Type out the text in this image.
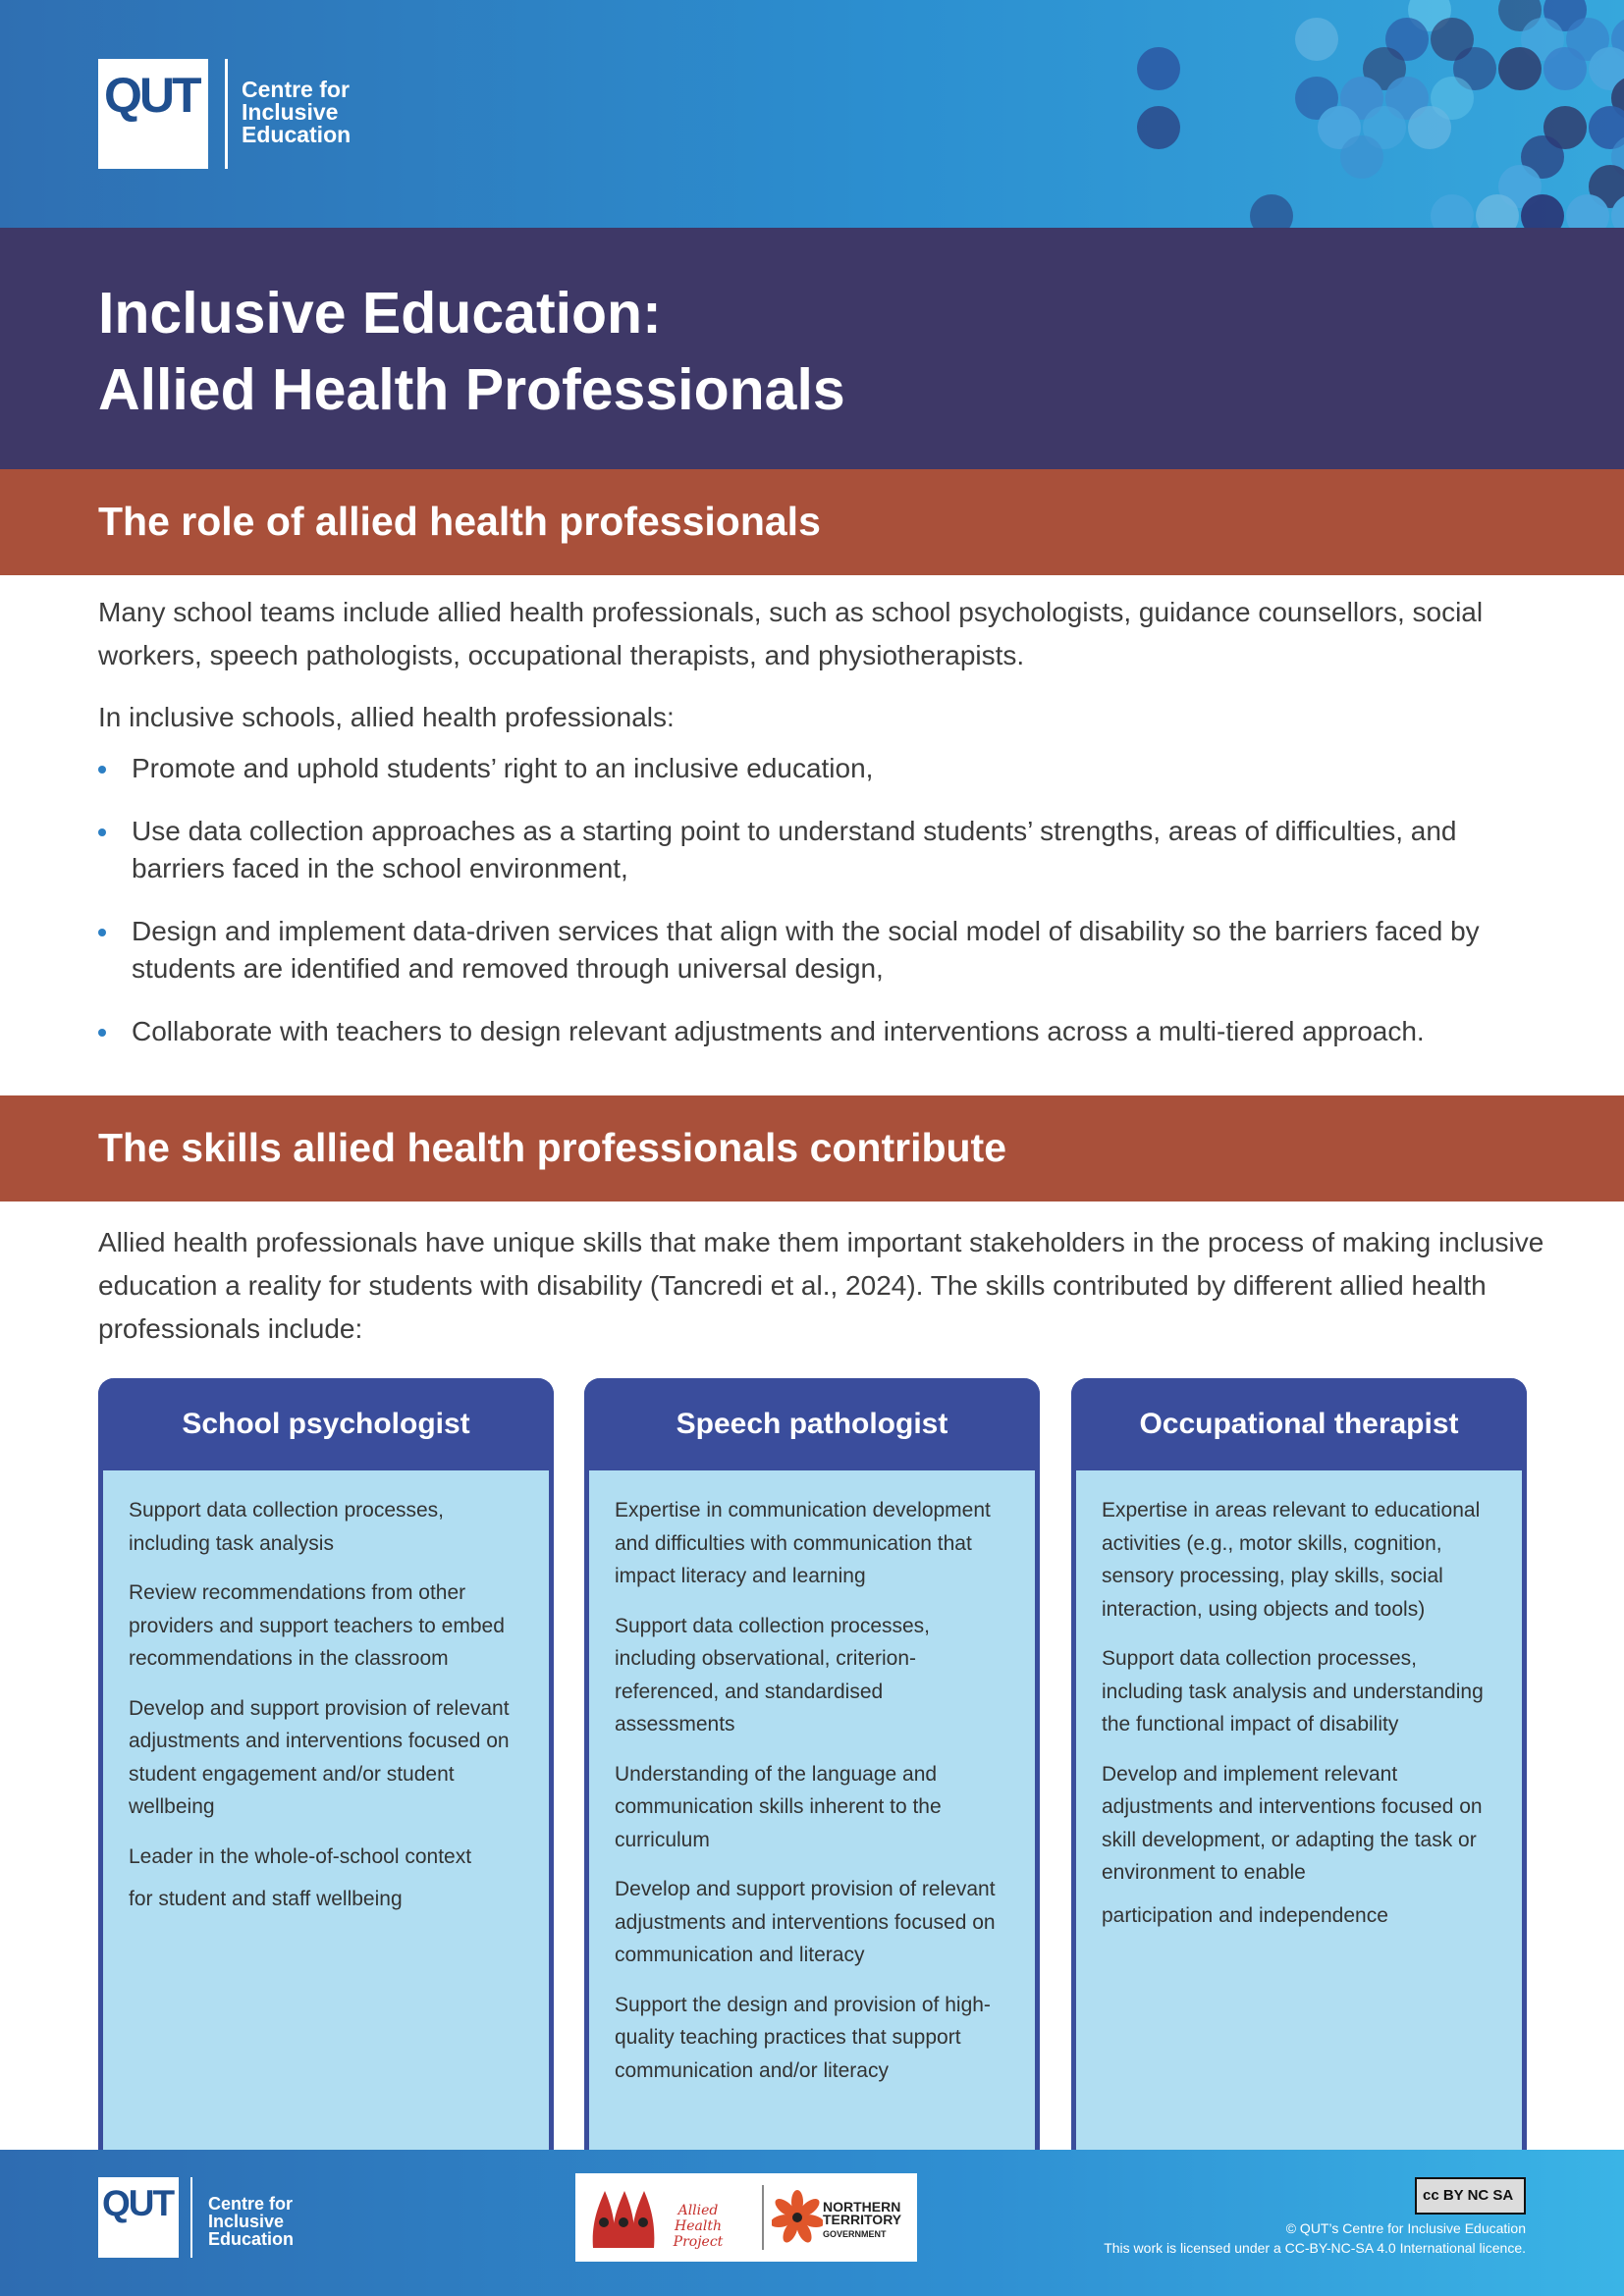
QUT Centre for Inclusive Education
Inclusive Education:
Allied Health Professionals
The role of allied health professionals

Many school teams include allied health professionals, such as school psychologists, guidance counsellors, social workers, speech pathologists, occupational therapists, and physiotherapists.

In inclusive schools, allied health professionals:

Promote and uphold students’ right to an inclusive education,
Use data collection approaches as a starting point to understand students’ strengths, areas of difficulties, and barriers faced in the school environment,
Design and implement data-driven services that align with the social model of disability so the barriers faced by students are identified and removed through universal design,
Collaborate with teachers to design relevant adjustments and interventions across a multi-tiered approach.
The skills allied health professionals contribute

Allied health professionals have unique skills that make them important stakeholders in the process of making inclusive education a reality for students with disability (Tancredi et al., 2024). The skills contributed by different allied health professionals include:

School psychologist

Support data collection processes, including task analysis

Review recommendations from other providers and support teachers to embed recommendations in the classroom

Develop and support provision of relevant adjustments and interventions focused on student engagement and/or student wellbeing

Leader in the whole-of-school context

for student and staff wellbeing

Speech pathologist

Expertise in communication development and difficulties with communication that impact literacy and learning

Support data collection processes, including observational, criterion-referenced, and standardised assessments

Understanding of the language and communication skills inherent to the curriculum

Develop and support provision of relevant adjustments and interventions focused on communication and literacy

Support the design and provision of high-quality teaching practices that support communication and/or literacy

Occupational therapist

Expertise in areas relevant to educational activities (e.g., motor skills, cognition, sensory processing, play skills, social interaction, using objects and tools)

Support data collection processes, including task analysis and understanding the functional impact of disability

Develop and implement relevant adjustments and interventions focused on skill development, or adapting the task or environment to enable

participation and independence

QUT Centre for Inclusive Education
Allied Health Project
NORTHERN TERRITORY
GOVERNMENT
cc BY NC SA
© QUT’s Centre for Inclusive Education
This work is licensed under a CC-BY-NC-SA 4.0 International licence.
